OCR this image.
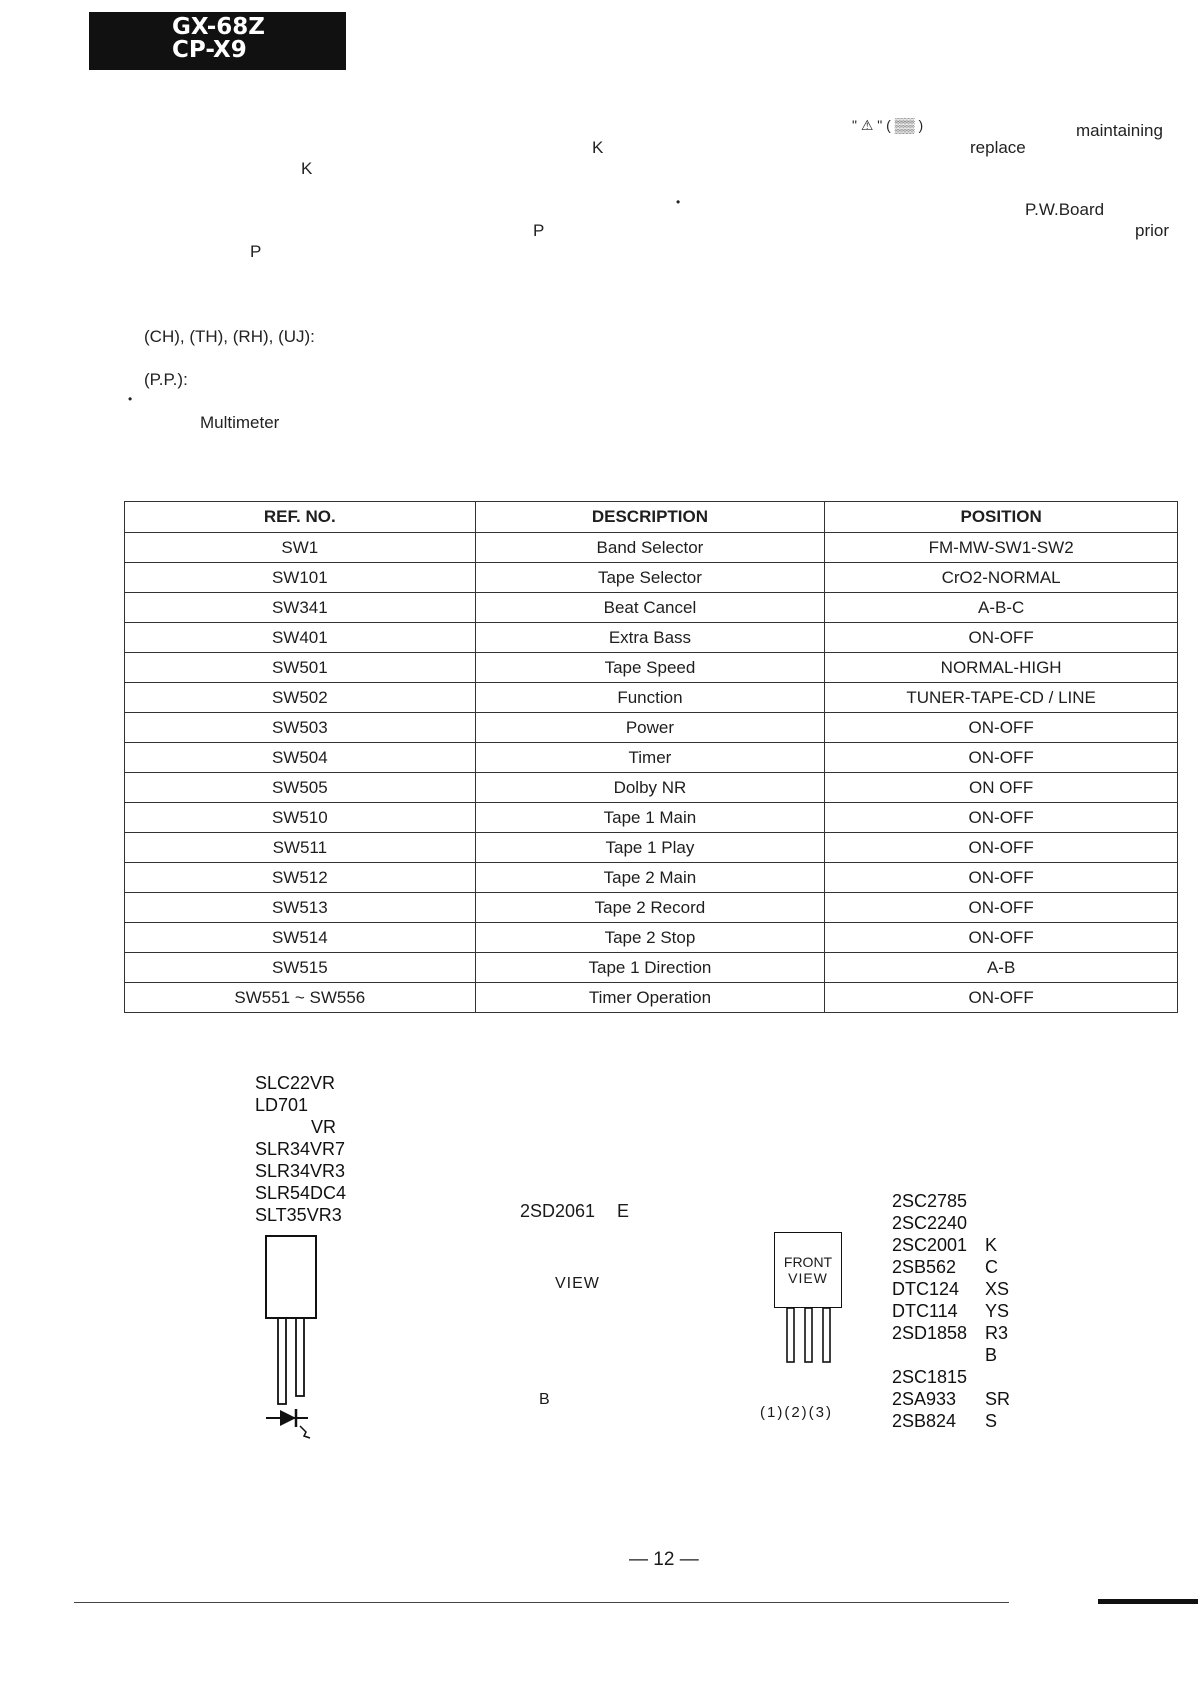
GX-68Z
CP-X9
" ⚠ " ( ▒▒ )	maintaining
K	replace
K
•	P.W.Board
P	prior
P
(CH), (TH), (RH), (UJ):
(P.P.):
•
Multimeter
REF. NO.	DESCRIPTION	POSITION
SW1	Band Selector	FM-MW-SW1-SW2
SW101	Tape Selector	CrO2-NORMAL
SW341	Beat Cancel	A-B-C
SW401	Extra Bass	ON-OFF
SW501	Tape Speed	NORMAL-HIGH
SW502	Function	TUNER-TAPE-CD / LINE
SW503	Power	ON-OFF
SW504	Timer	ON-OFF
SW505	Dolby NR	ON OFF
SW510	Tape 1 Main	ON-OFF
SW511	Tape 1 Play	ON-OFF
SW512	Tape 2 Main	ON-OFF
SW513	Tape 2 Record	ON-OFF
SW514	Tape 2 Stop	ON-OFF
SW515	Tape 1 Direction	A-B
SW551 ~ SW556	Timer Operation	ON-OFF
SLC22VR
LD701
VR
SLR34VR7
SLR34VR3
SLR54DC4
SLT35VR3	2SD2061 E
VIEW
B
FRONT
VIEW
(1)(2)(3)
2SC2785
2SC2240
2SC2001 K
2SB562	C
DTC124	XS
DTC114	YS
2SD1858 R3
B
2SC1815
2SA933	SR
2SB824	S
— 12 —
